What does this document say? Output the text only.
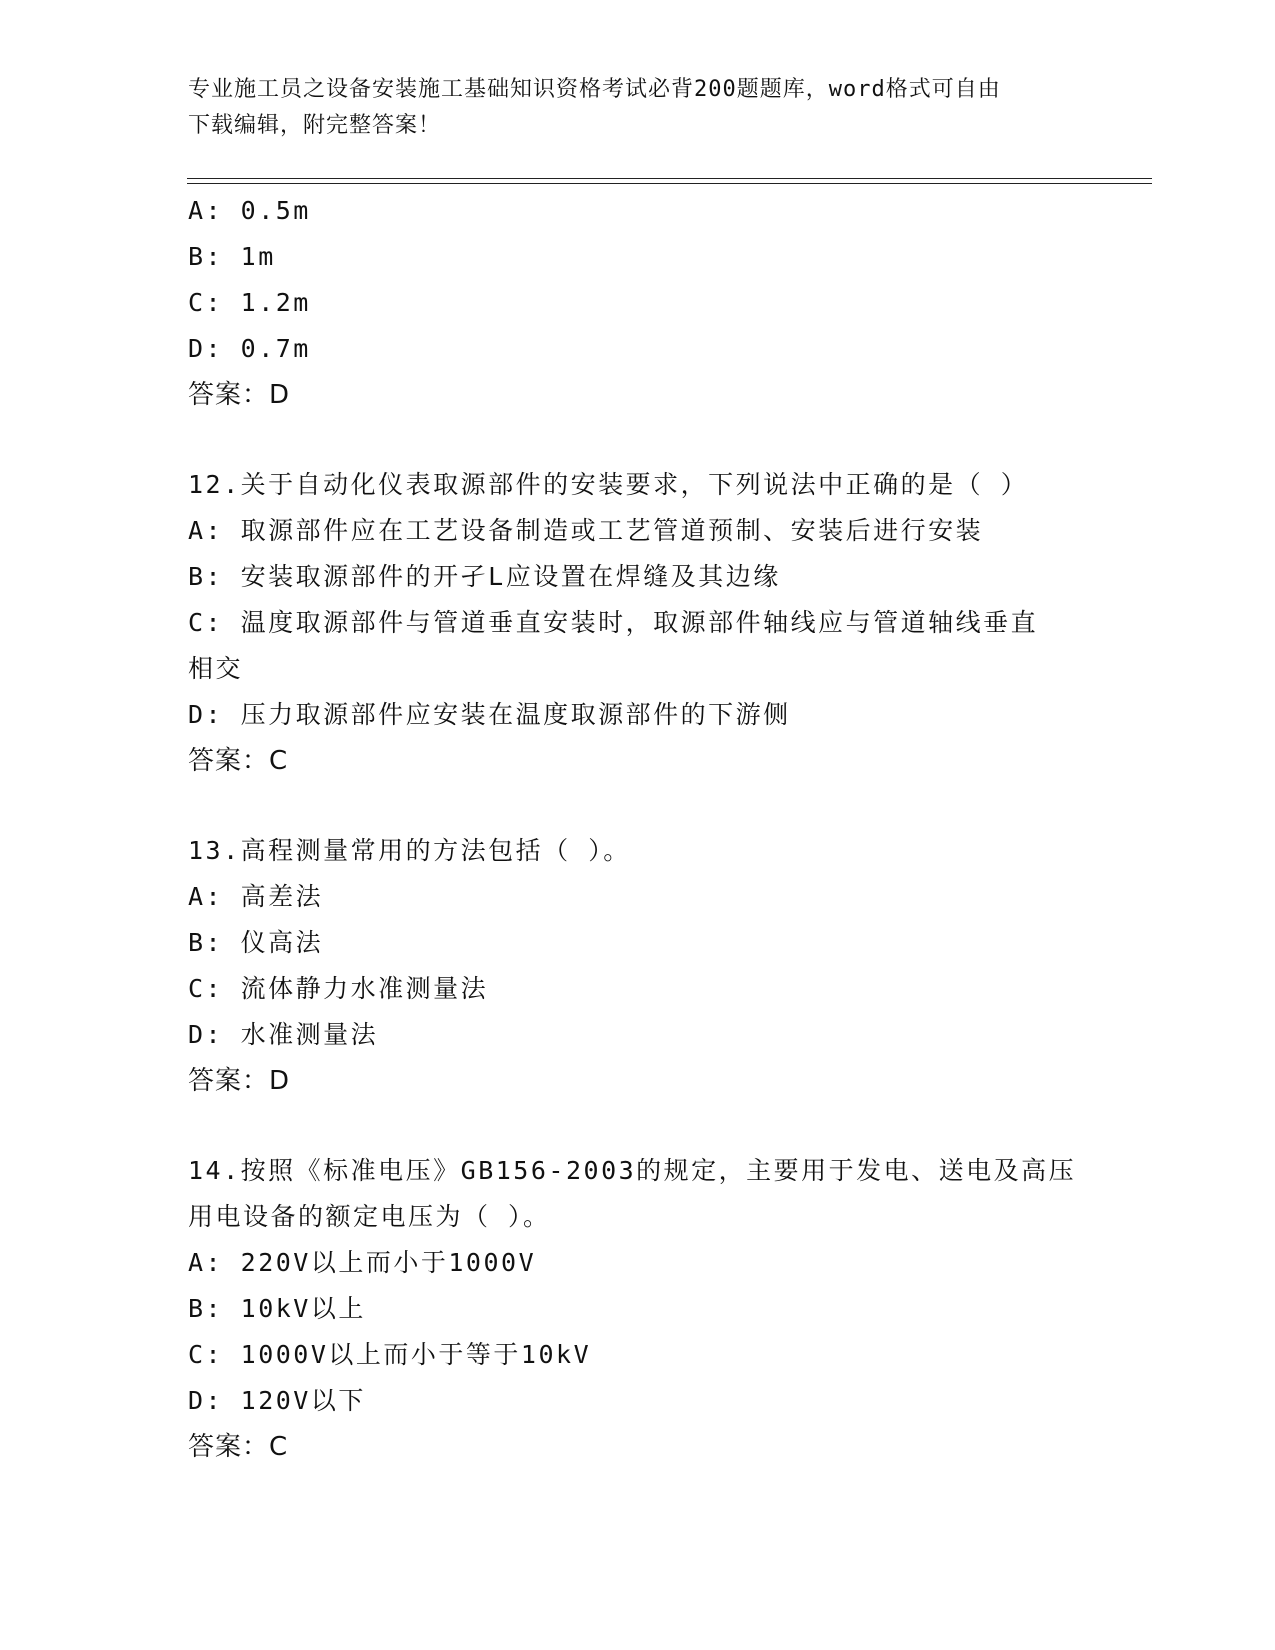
专业施工员之设备安装施工基础知识资格考试必背200题题库，word格式可自由
下载编辑，附完整答案！
A: 0.5m
B: 1m
C: 1.2m
D: 0.7m
答案：D
12.关于自动化仪表取源部件的安装要求，下列说法中正确的是（ ）
A: 取源部件应在工艺设备制造或工艺管道预制、安装后进行安装
B: 安装取源部件的开孑L应设置在焊缝及其边缘
C: 温度取源部件与管道垂直安装时，取源部件轴线应与管道轴线垂直
相交
D: 压力取源部件应安装在温度取源部件的下游侧
答案：C
13.高程测量常用的方法包括（ ）。
A: 高差法
B: 仪高法
C: 流体静力水准测量法
D: 水准测量法
答案：D
14.按照《标准电压》GB156-2003的规定，主要用于发电、送电及高压
用电设备的额定电压为（ ）。
A: 220V以上而小于1000V
B: 10kV以上
C: 1000V以上而小于等于10kV
D: 120V以下
答案：C
